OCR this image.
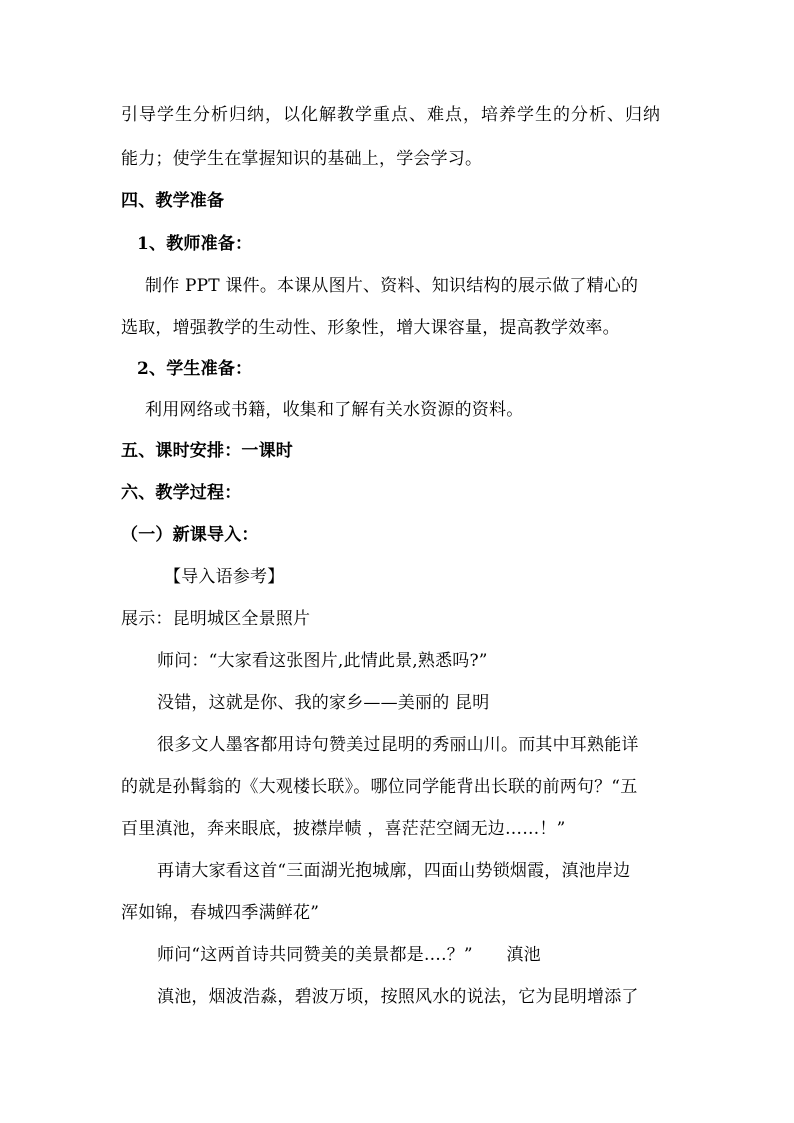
引导学生分析归纳，以化解教学重点、难点，培养学生的分析、归纳
能力；使学生在掌握知识的基础上，学会学习。
四、教学准备
1、教师准备：
制作 PPT 课件。本课从图片、资料、知识结构的展示做了精心的
选取，增强教学的生动性、形象性，增大课容量，提高教学效率。
2、学生准备：
利用网络或书籍，收集和了解有关水资源的资料。
五、课时安排：一课时
六、教学过程：
（一）新课导入：
【导入语参考】
展示：昆明城区全景照片
师问：“大家看这张图片,此情此景,熟悉吗?”
没错，这就是你、我的家乡——美丽的 昆明
很多文人墨客都用诗句赞美过昆明的秀丽山川。而其中耳熟能详
的就是孙髯翁的《大观楼长联》。哪位同学能背出长联的前两句？“五
百里滇池，奔来眼底，披襟岸帻 ，喜茫茫空阔无边……！”
再请大家看这首“三面湖光抱城廓，四面山势锁烟霞，滇池岸边
浑如锦，春城四季满鲜花”
师问“这两首诗共同赞美的美景都是….？”      滇池
滇池，烟波浩淼，碧波万顷，按照风水的说法，它为昆明增添了
